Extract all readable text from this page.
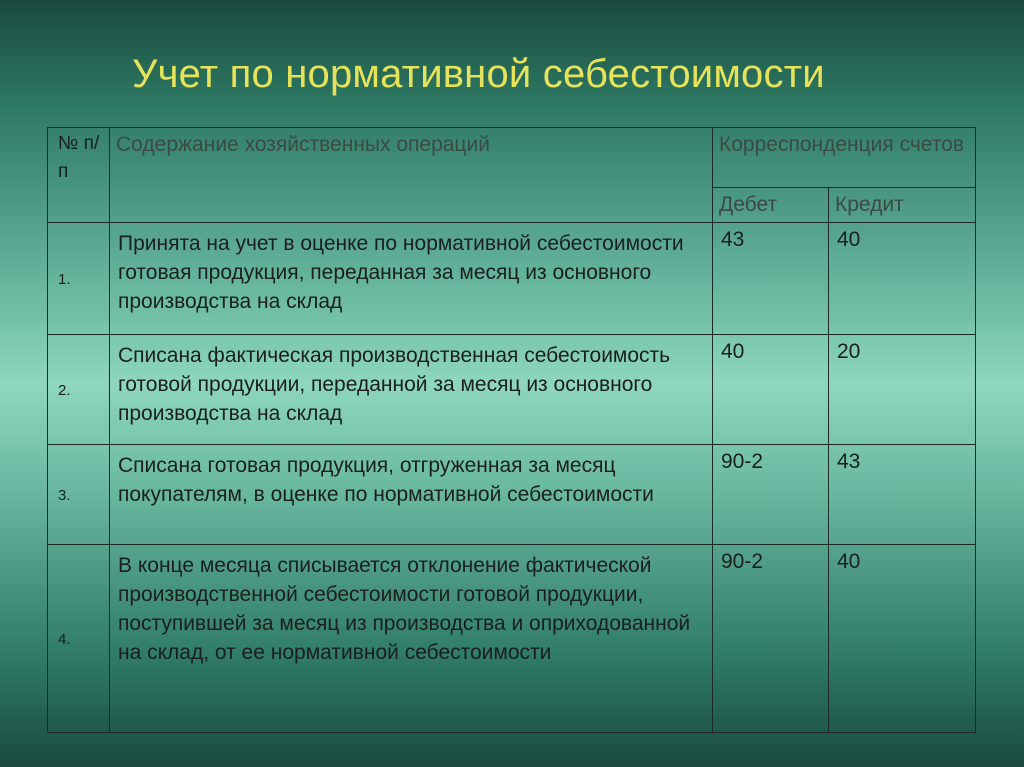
Учет по нормативной себестоимости
№ п/п	Содержание хозяйственных операций	Корреспонденция счетов	
		Дебет	Кредит
1.	Принята на учет в оценке по нормативной себестоимости готовая продукция, переданная за месяц из основного производства на склад	43	40
2.	Списана фактическая производственная себестоимость готовой продукции, переданной за месяц из основного производства на склад	40	20
3.	Списана готовая продукция, отгруженная за месяц покупателям, в оценке по нормативной себестоимости	90-2	43
4.	В конце месяца списывается отклонение фактической производственной себестоимости готовой продукции, поступившей за месяц из производства и оприходованной на склад, от ее нормативной себестоимости	90-2	40
